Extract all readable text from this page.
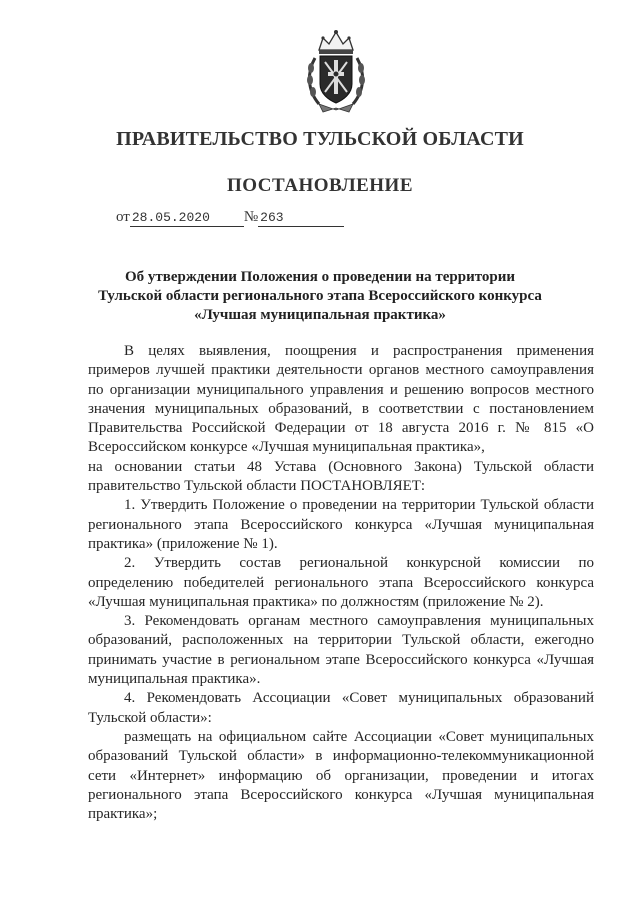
ПРАВИТЕЛЬСТВО ТУЛЬСКОЙ ОБЛАСТИ
ПОСТАНОВЛЕНИЕ
от 28.05.2020 № 263
Об утверждении Положения о проведении на территории
Тульской области регионального этапа Всероссийского конкурса
«Лучшая муниципальная практика»

В целях выявления, поощрения и распространения применения примеров лучшей практики деятельности органов местного самоуправления по организации муниципального управления и решению вопросов местного значения муниципальных образований, в соответствии с постановлением Правительства Российской Федерации от 18 августа 2016 г. № 815 «О Всероссийском конкурсе «Лучшая муниципальная практика»,

на основании статьи 48 Устава (Основного Закона) Тульской области правительство Тульской области ПОСТАНОВЛЯЕТ:

1. Утвердить Положение о проведении на территории Тульской области регионального этапа Всероссийского конкурса «Лучшая муниципальная практика» (приложение № 1).

2. Утвердить состав региональной конкурсной комиссии по определению победителей регионального этапа Всероссийского конкурса «Лучшая муниципальная практика» по должностям (приложение № 2).

3. Рекомендовать органам местного самоуправления муниципальных образований, расположенных на территории Тульской области, ежегодно принимать участие в региональном этапе Всероссийского конкурса «Лучшая муниципальная практика».

4. Рекомендовать Ассоциации «Совет муниципальных образований Тульской области»:

размещать на официальном сайте Ассоциации «Совет муниципальных образований Тульской области» в информационно-телекоммуникационной сети «Интернет» информацию об организации, проведении и итогах регионального этапа Всероссийского конкурса «Лучшая муниципальная практика»;
